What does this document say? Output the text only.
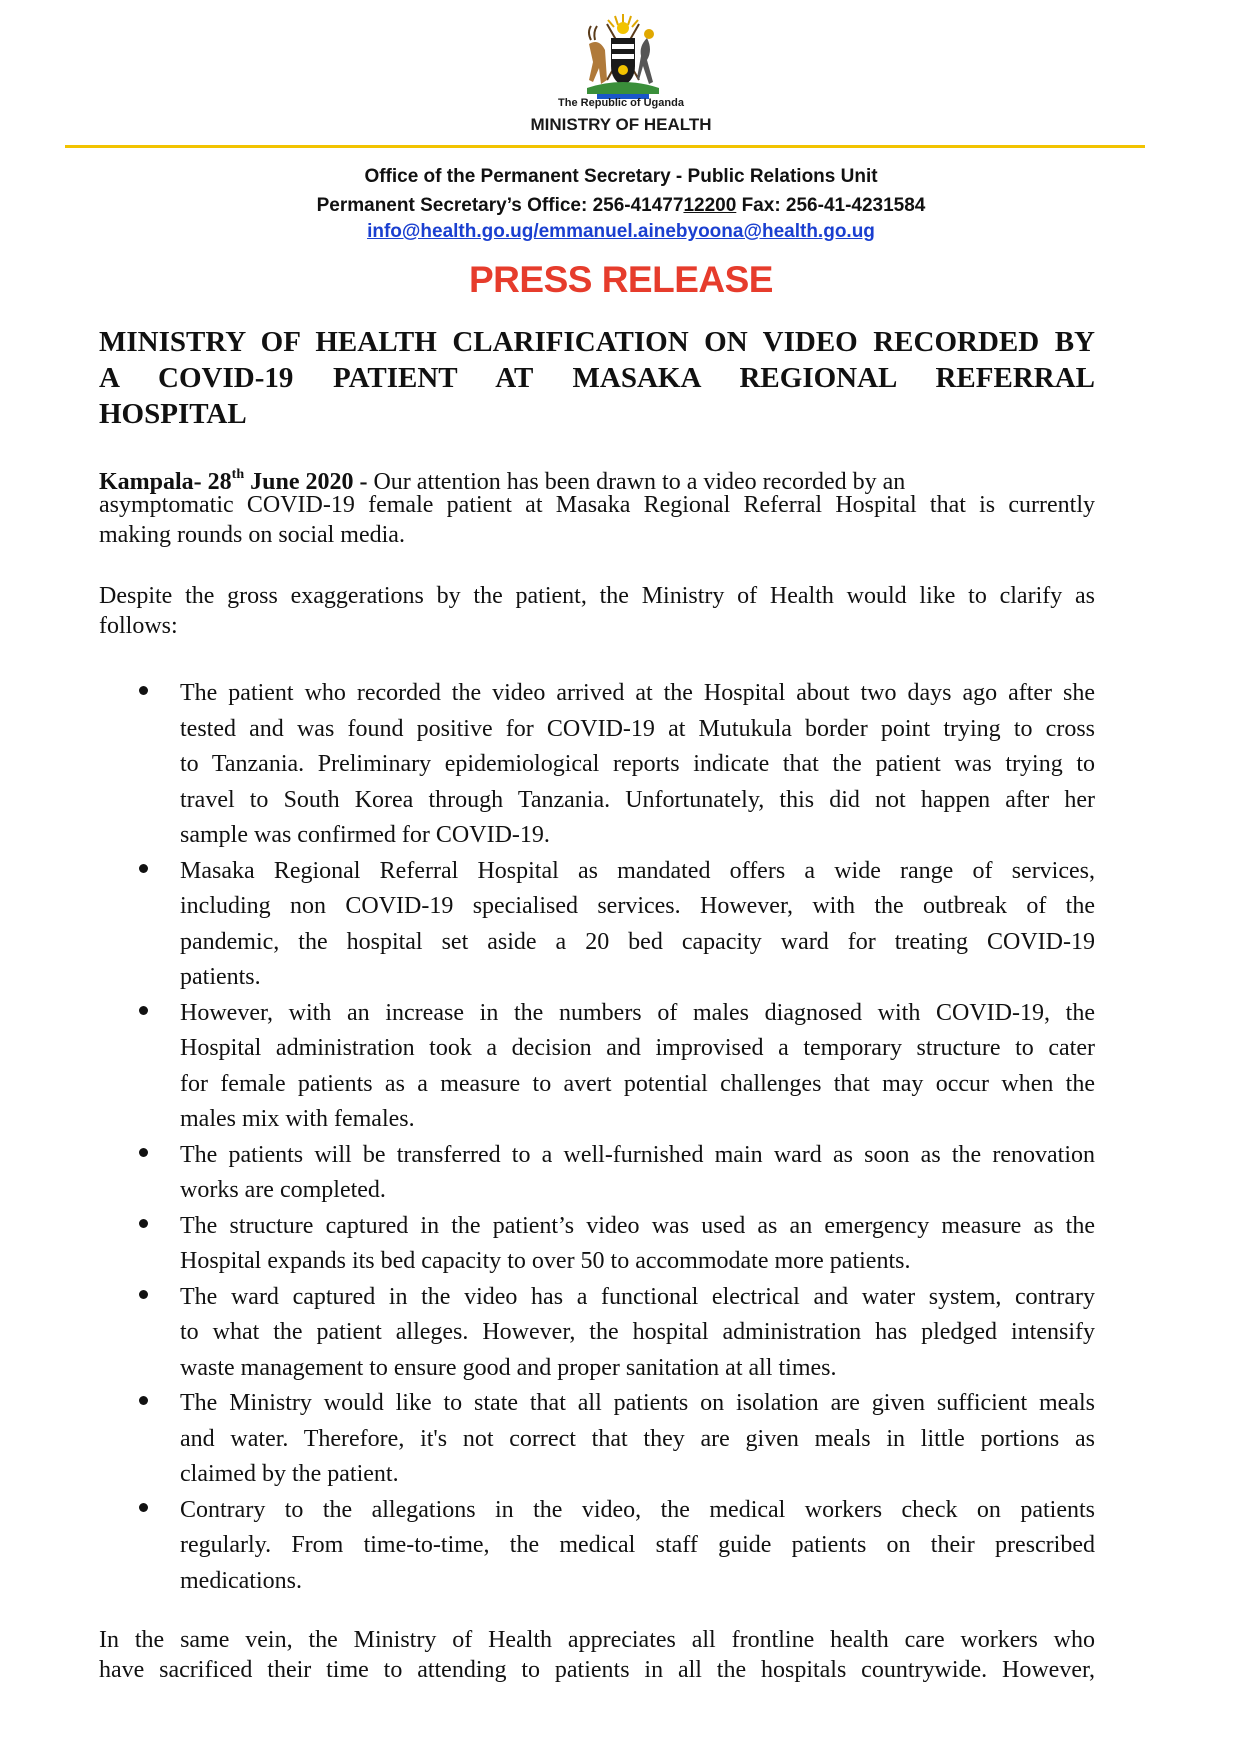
The Republic of Uganda
MINISTRY OF HEALTH
Office of the Permanent Secretary - Public Relations Unit
Permanent Secretary’s Office: 256-4147712200 Fax: 256-41-4231584
info@health.go.ug/emmanuel.ainebyoona@health.go.ug
PRESS RELEASE
MINISTRY OF HEALTH CLARIFICATION ON VIDEO RECORDED BY
A COVID-19 PATIENT AT MASAKA REGIONAL REFERRAL
HOSPITAL
Kampala- 28th June 2020 - Our attention has been drawn to a video recorded by an
asymptomatic COVID-19 female patient at Masaka Regional Referral Hospital that is currently
making rounds on social media.
Despite the gross exaggerations by the patient, the Ministry of Health would like to clarify as
follows:
The patient who recorded the video arrived at the Hospital about two days ago after she
tested and was found positive for COVID-19 at Mutukula border point trying to cross
to Tanzania. Preliminary epidemiological reports indicate that the patient was trying to
travel to South Korea through Tanzania. Unfortunately, this did not happen after her
sample was confirmed for COVID-19.
Masaka Regional Referral Hospital as mandated offers a wide range of services,
including non COVID-19 specialised services. However, with the outbreak of the
pandemic, the hospital set aside a 20 bed capacity ward for treating COVID-19
patients.
However, with an increase in the numbers of males diagnosed with COVID-19, the
Hospital administration took a decision and improvised a temporary structure to cater
for female patients as a measure to avert potential challenges that may occur when the
males mix with females.
The patients will be transferred to a well-furnished main ward as soon as the renovation
works are completed.
The structure captured in the patient’s video was used as an emergency measure as the
Hospital expands its bed capacity to over 50 to accommodate more patients.
The ward captured in the video has a functional electrical and water system, contrary
to what the patient alleges. However, the hospital administration has pledged intensify
waste management to ensure good and proper sanitation at all times.
The Ministry would like to state that all patients on isolation are given sufficient meals
and water. Therefore, it's not correct that they are given meals in little portions as
claimed by the patient.
Contrary to the allegations in the video, the medical workers check on patients
regularly. From time-to-time, the medical staff guide patients on their prescribed
medications.
In the same vein, the Ministry of Health appreciates all frontline health care workers who
have sacrificed their time to attending to patients in all the hospitals countrywide. However,
